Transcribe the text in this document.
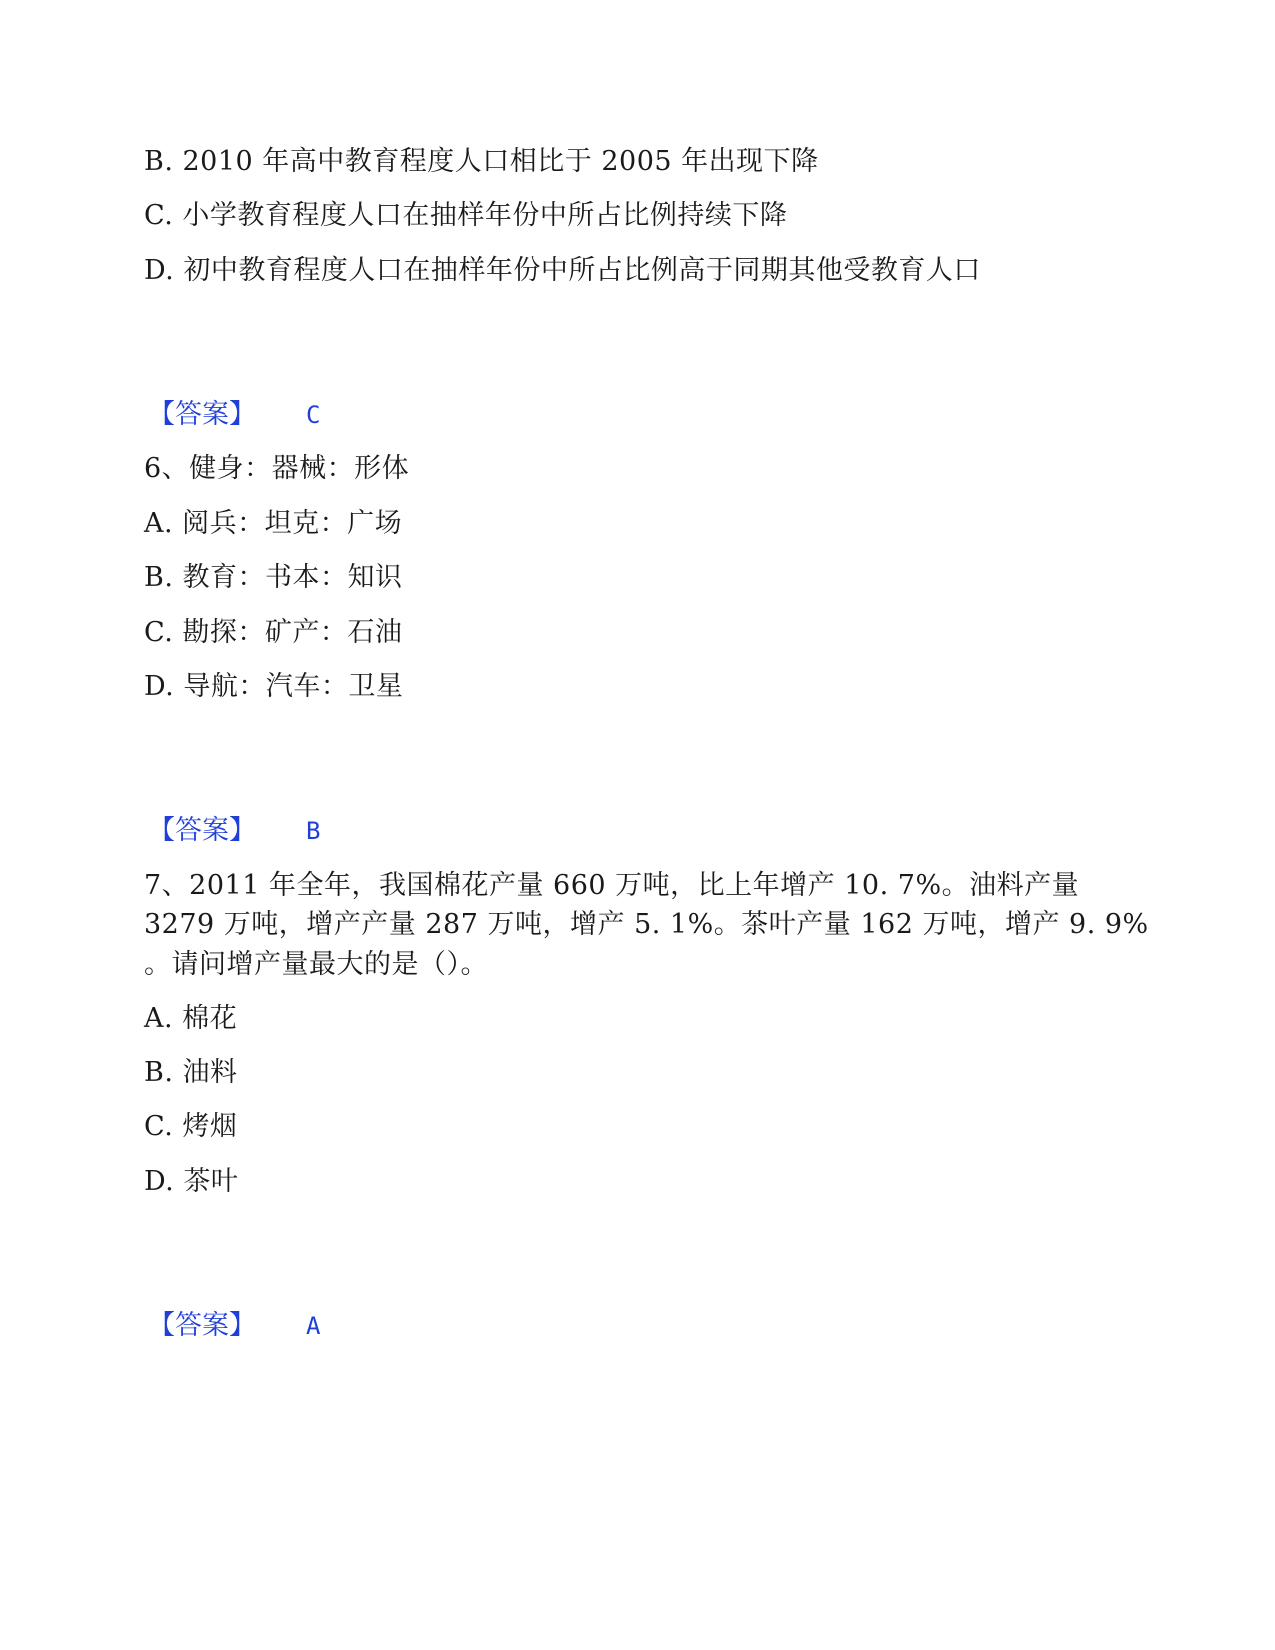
B. 2010 年高中教育程度人口相比于 2005 年出现下降
C. 小学教育程度人口在抽样年份中所占比例持续下降
D. 初中教育程度人口在抽样年份中所占比例高于同期其他受教育人口
【答案】 C
6、健身：器械：形体
A. 阅兵：坦克：广场
B. 教育：书本：知识
C. 勘探：矿产：石油
D. 导航：汽车：卫星
【答案】 B
7、2011 年全年，我国棉花产量 660 万吨，比上年增产 10. 7%。油料产量
3279 万吨，增产产量 287 万吨，增产 5. 1%。茶叶产量 162 万吨，增产 9. 9%
。请问增产量最大的是（）。
A. 棉花
B. 油料
C. 烤烟
D. 茶叶
【答案】 A
